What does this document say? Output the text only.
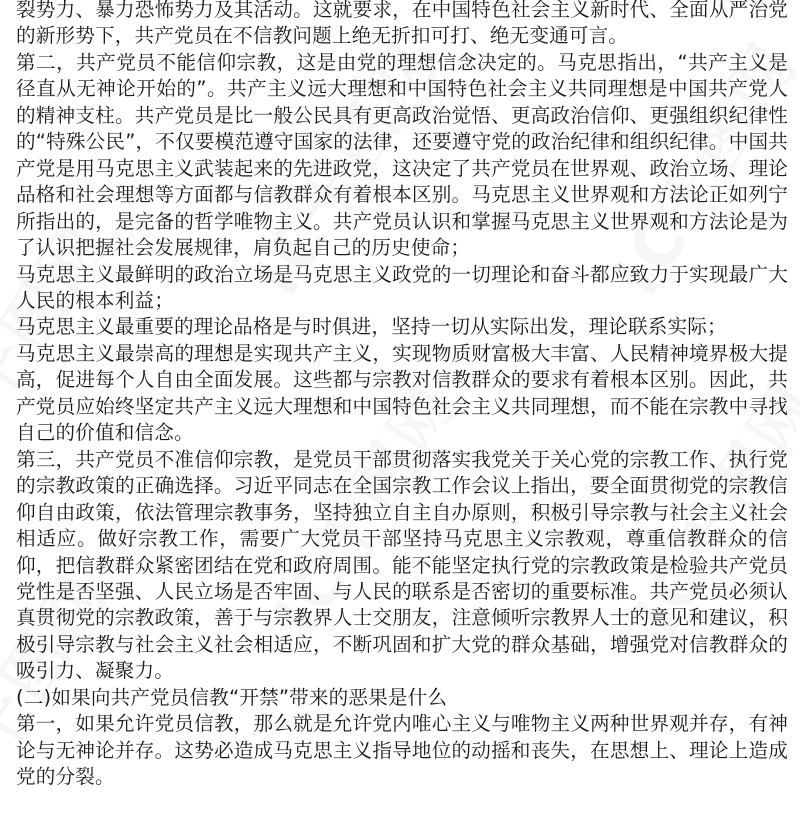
裂势力、暴力恐怖势力及其活动。这就要求，在中国特色社会主义新时代、全面从严治党的新形势下，共产党员在不信教问题上绝无折扣可打、绝无变通可言。

第二，共产党员不能信仰宗教，这是由党的理想信念决定的。马克思指出，“共产主义是径直从无神论开始的”。共产主义远大理想和中国特色社会主义共同理想是中国共产党人的精神支柱。共产党员是比一般公民具有更高政治觉悟、更高政治信仰、更强组织纪律性的“特殊公民”，不仅要模范遵守国家的法律，还要遵守党的政治纪律和组织纪律。中国共产党是用马克思主义武装起来的先进政党，这决定了共产党员在世界观、政治立场、理论品格和社会理想等方面都与信教群众有着根本区别。马克思主义世界观和方法论正如列宁所指出的，是完备的哲学唯物主义。共产党员认识和掌握马克思主义世界观和方法论是为了认识把握社会发展规律，肩负起自己的历史使命；

马克思主义最鲜明的政治立场是马克思主义政党的一切理论和奋斗都应致力于实现最广大人民的根本利益；

马克思主义最重要的理论品格是与时俱进，坚持一切从实际出发，理论联系实际；

马克思主义最崇高的理想是实现共产主义，实现物质财富极大丰富、人民精神境界极大提高，促进每个人自由全面发展。这些都与宗教对信教群众的要求有着根本区别。因此，共产党员应始终坚定共产主义远大理想和中国特色社会主义共同理想，而不能在宗教中寻找自己的价值和信念。

第三，共产党员不准信仰宗教，是党员干部贯彻落实我党关于关心党的宗教工作、执行党的宗教政策的正确选择。习近平同志在全国宗教工作会议上指出，要全面贯彻党的宗教信仰自由政策，依法管理宗教事务，坚持独立自主自办原则，积极引导宗教与社会主义社会相适应。做好宗教工作，需要广大党员干部坚持马克思主义宗教观，尊重信教群众的信仰，把信教群众紧密团结在党和政府周围。能不能坚定执行党的宗教政策是检验共产党员党性是否坚强、人民立场是否牢固、与人民的联系是否密切的重要标准。共产党员必须认真贯彻党的宗教政策，善于与宗教界人士交朋友，注意倾听宗教界人士的意见和建议，积极引导宗教与社会主义社会相适应，不断巩固和扩大党的群众基础，增强党对信教群众的吸引力、凝聚力。

(二)如果向共产党员信教“开禁”带来的恶果是什么

第一，如果允许党员信教，那么就是允许党内唯心主义与唯物主义两种世界观并存，有神论与无神论并存。这势必造成马克思主义指导地位的动摇和丧失，在思想上、理论上造成党的分裂。
